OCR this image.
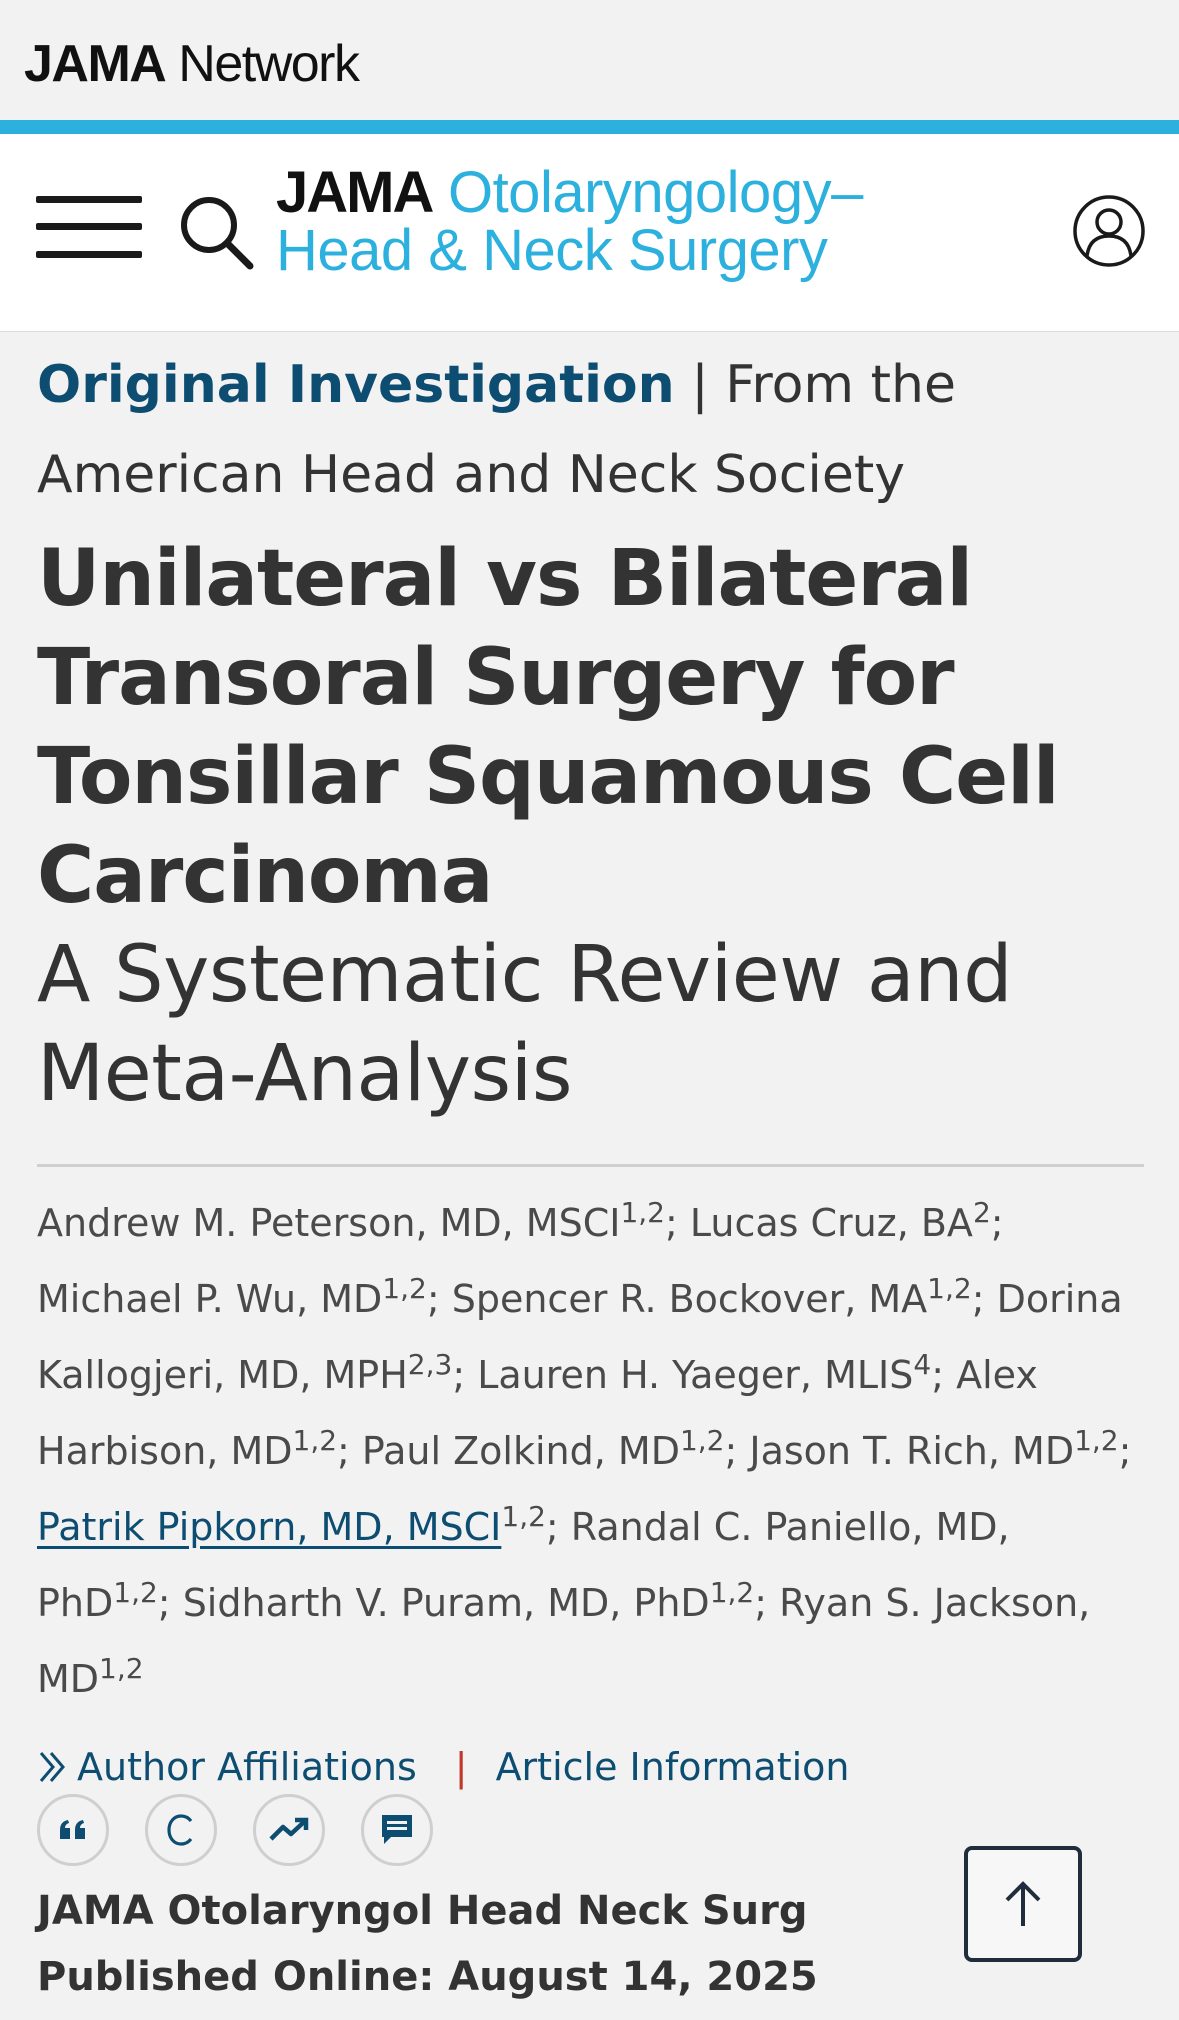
JAMA Network
JAMA Otolaryngology–
Head & Neck Surgery
Original Investigation | From the American Head and Neck Society
Unilateral vs Bilateral Transoral Surgery for Tonsillar Squamous Cell Carcinoma
A Systematic Review and Meta-Analysis
Andrew M. Peterson, MD, MSCI$^{1,2}$; Lucas Cruz, $BA^2$; Michael P. Wu, MD$^{1,2}$; Spencer R. Bockover, MA$^{1,2}$; Dorina Kallogjeri, MD, MPH$^{2,3}$; Lauren H. Yaeger, MLIS$^4$; Alex Harbison, MD$^{1,2}$; Paul Zolkind, MD$^{1,2}$; Jason T. Rich, MD$^{1,2}$; Patrik Pipkorn, MD, MSCI$^{1,2}$; Randal C. Paniello, MD, PhD$^{1,2}$; Sidharth V. Puram, MD, PhD$^{1,2}$; Ryan S. Jackson, MD$^{1,2}$
Author Affiliations | Article Information
JAMA Otolaryngol Head Neck Surg
Published Online: August 14, 2025
